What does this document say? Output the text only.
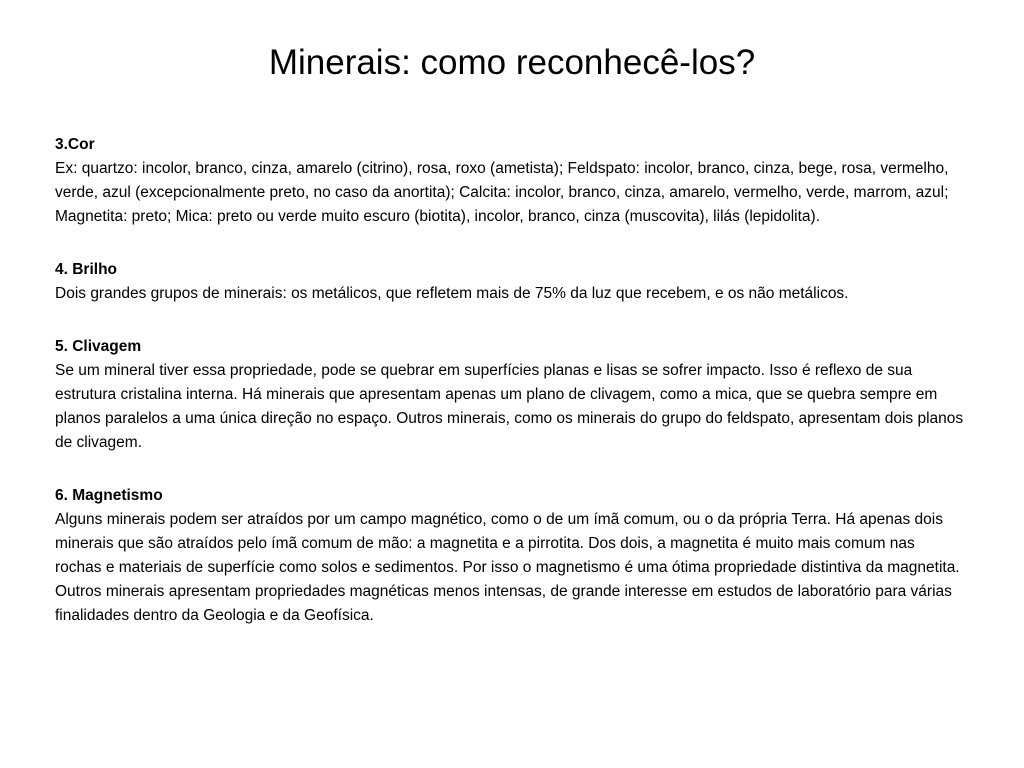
Minerais: como reconhecê-los?
3.Cor
Ex: quartzo: incolor, branco, cinza, amarelo (citrino), rosa, roxo (ametista); Feldspato: incolor, branco, cinza, bege, rosa, vermelho, verde, azul (excepcionalmente preto, no caso da anortita); Calcita: incolor, branco, cinza, amarelo, vermelho, verde, marrom, azul; Magnetita: preto; Mica: preto ou verde muito escuro (biotita), incolor, branco, cinza (muscovita), lilás (lepidolita).
4. Brilho
Dois grandes grupos de minerais: os metálicos, que refletem mais de 75% da luz que recebem, e os não metálicos.
5. Clivagem
Se um mineral tiver essa propriedade, pode se quebrar em superfícies planas e lisas se sofrer impacto. Isso é reflexo de sua estrutura cristalina interna. Há minerais que apresentam apenas um plano de clivagem, como a mica, que se quebra sempre em planos paralelos a uma única direção no espaço. Outros minerais, como os minerais do grupo do feldspato, apresentam dois planos de clivagem.
6. Magnetismo
Alguns minerais podem ser atraídos por um campo magnético, como o de um ímã comum, ou o da própria Terra. Há apenas dois minerais que são atraídos pelo ímã comum de mão: a magnetita e a pirrotita. Dos dois, a magnetita é muito mais comum nas rochas e materiais de superfície como solos e sedimentos. Por isso o magnetismo é uma ótima propriedade distintiva da magnetita. Outros minerais apresentam propriedades magnéticas menos intensas, de grande interesse em estudos de laboratório para várias finalidades dentro da Geologia e da Geofísica.
